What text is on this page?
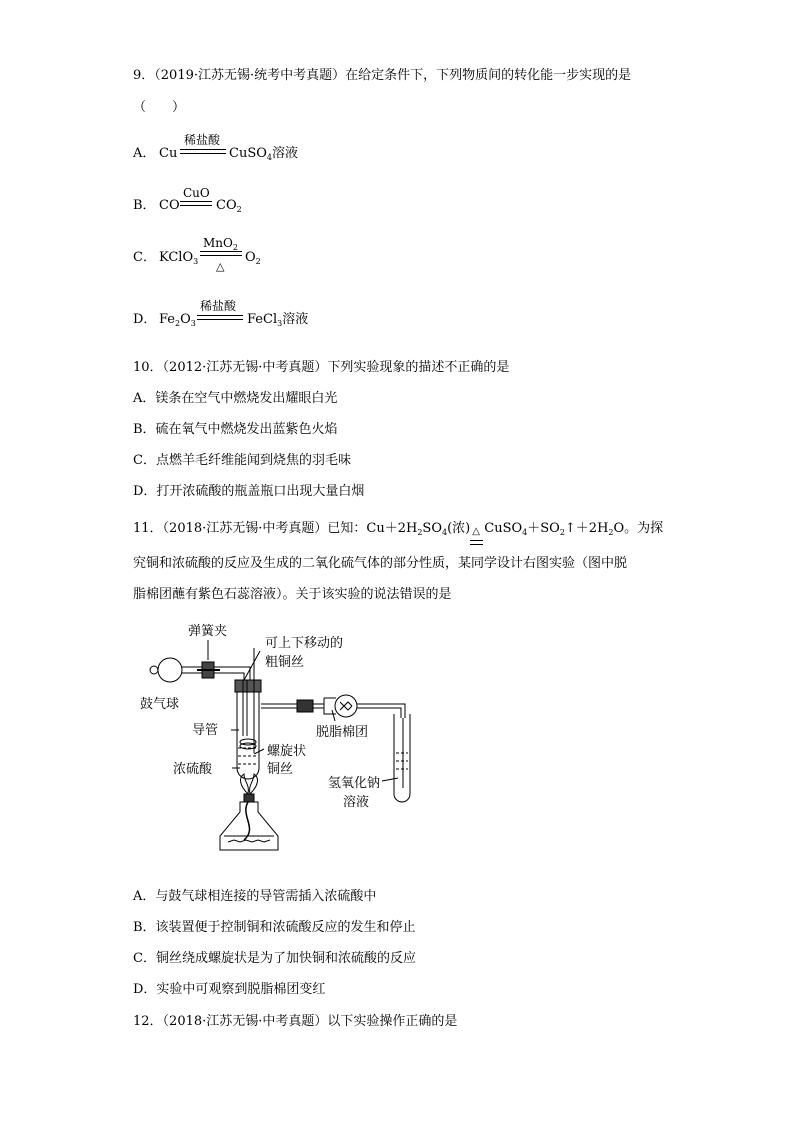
9．（2019·江苏无锡·统考中考真题）在给定条件下，下列物质间的转化能一步实现的是
（　　）
A． Cu
稀盐酸
CuSO$_4$溶液
B． CO
CuO
$CO_2$
C． KClO$_3$
MnO$_2$
△
$O_2$
D． $Fe_2O_3$
稀盐酸
FeCl$_3$溶液
10．（2012·江苏无锡·中考真题）下列实验现象的描述不正确的是
A．镁条在空气中燃烧发出耀眼白光
B．硫在氧气中燃烧发出蓝紫色火焰
C．点燃羊毛纤维能闻到烧焦的羽毛味
D．打开浓硫酸的瓶盖瓶口出现大量白烟
11．（2018·江苏无锡·中考真题）已知：$Cu+2H_2SO_4$(浓) △ $CuSO_4+SO_2↑+2H_2O$。为探
究铜和浓硫酸的反应及生成的二氧化硫气体的部分性质，某同学设计右图实验（图中脱
脂棉团蘸有紫色石蕊溶液）。关于该实验的说法错误的是
弹簧夹
可上下移动的
粗铜丝
鼓气球
导管	脱脂棉团
螺旋状
铜丝
浓硫酸
氢氧化钠
溶液
A．与鼓气球相连接的导管需插入浓硫酸中
B．该装置便于控制铜和浓硫酸反应的发生和停止
C．铜丝绕成螺旋状是为了加快铜和浓硫酸的反应
D．实验中可观察到脱脂棉团变红
12．（2018·江苏无锡·中考真题）以下实验操作正确的是
